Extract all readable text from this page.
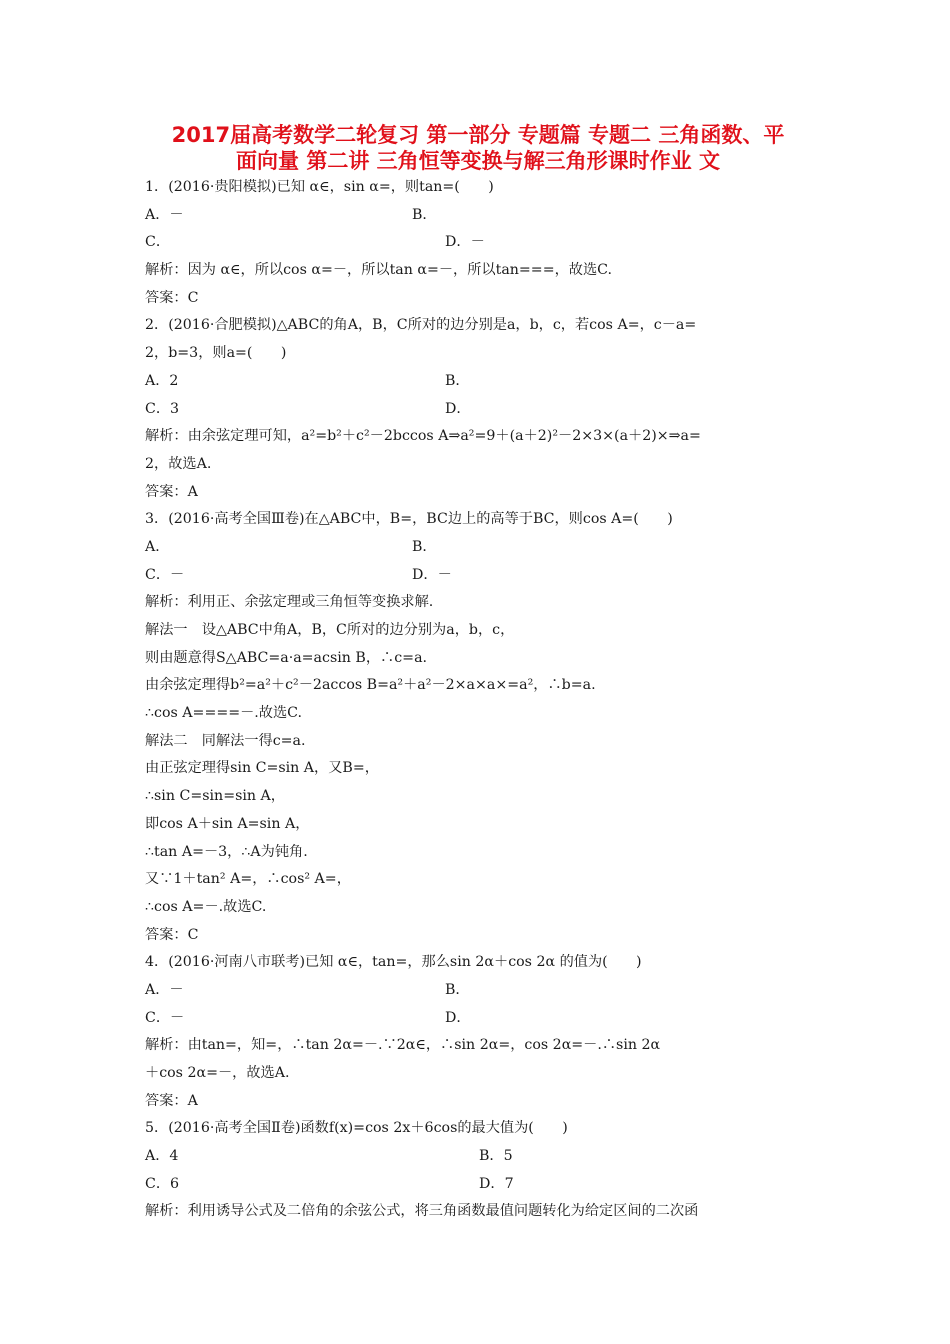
2017届高考数学二轮复习 第一部分 专题篇 专题二 三角函数、平
面向量 第二讲 三角恒等变换与解三角形课时作业 文
1．(2016·贵阳模拟)已知 α∈，sin α=，则tan=(　　)
A．－	B．
C．	D．－
解析：因为 α∈，所以cos α=－，所以tan α=－，所以tan===，故选C.
答案：C
2．(2016·合肥模拟)△ABC的角A，B，C所对的边分别是a，b，c，若cos A=，c－a=
2，b=3，则a=(　　)
A．2	B．
C．3	D．
解析：由余弦定理可知，a²=b²＋c²－2bccos A⇒a²=9＋(a＋2)²－2×3×(a＋2)×⇒a=
2，故选A.
答案：A
3．(2016·高考全国Ⅲ卷)在△ABC中，B=，BC边上的高等于BC，则cos A=(　　)
A．	B．
C．－	D．－
解析：利用正、余弦定理或三角恒等变换求解.
解法一　设△ABC中角A，B，C所对的边分别为a，b，c，
则由题意得S△ABC=a·a=acsin B，∴c=a.
由余弦定理得b²=a²＋c²－2accos B=a²＋a²－2×a×a×=a²，∴b=a.
∴cos A====－.故选C.
解法二　同解法一得c=a.
由正弦定理得sin C=sin A，又B=，
∴sin C=sin=sin A，
即cos A＋sin A=sin A，
∴tan A=－3，∴A为钝角.
又∵1＋tan² A=，∴cos² A=，
∴cos A=－.故选C.
答案：C
4．(2016·河南八市联考)已知 α∈，tan=，那么sin 2α＋cos 2α 的值为(　　)
A．－	B．
C．－	D．
解析：由tan=，知=，∴tan 2α=－.∵2α∈，∴sin 2α=，cos 2α=－.∴sin 2α
＋cos 2α=－，故选A.
答案：A
5．(2016·高考全国Ⅱ卷)函数f(x)=cos 2x＋6cos的最大值为(　　)
A．4	B．5
C．6	D．7
解析：利用诱导公式及二倍角的余弦公式，将三角函数最值问题转化为给定区间的二次函
